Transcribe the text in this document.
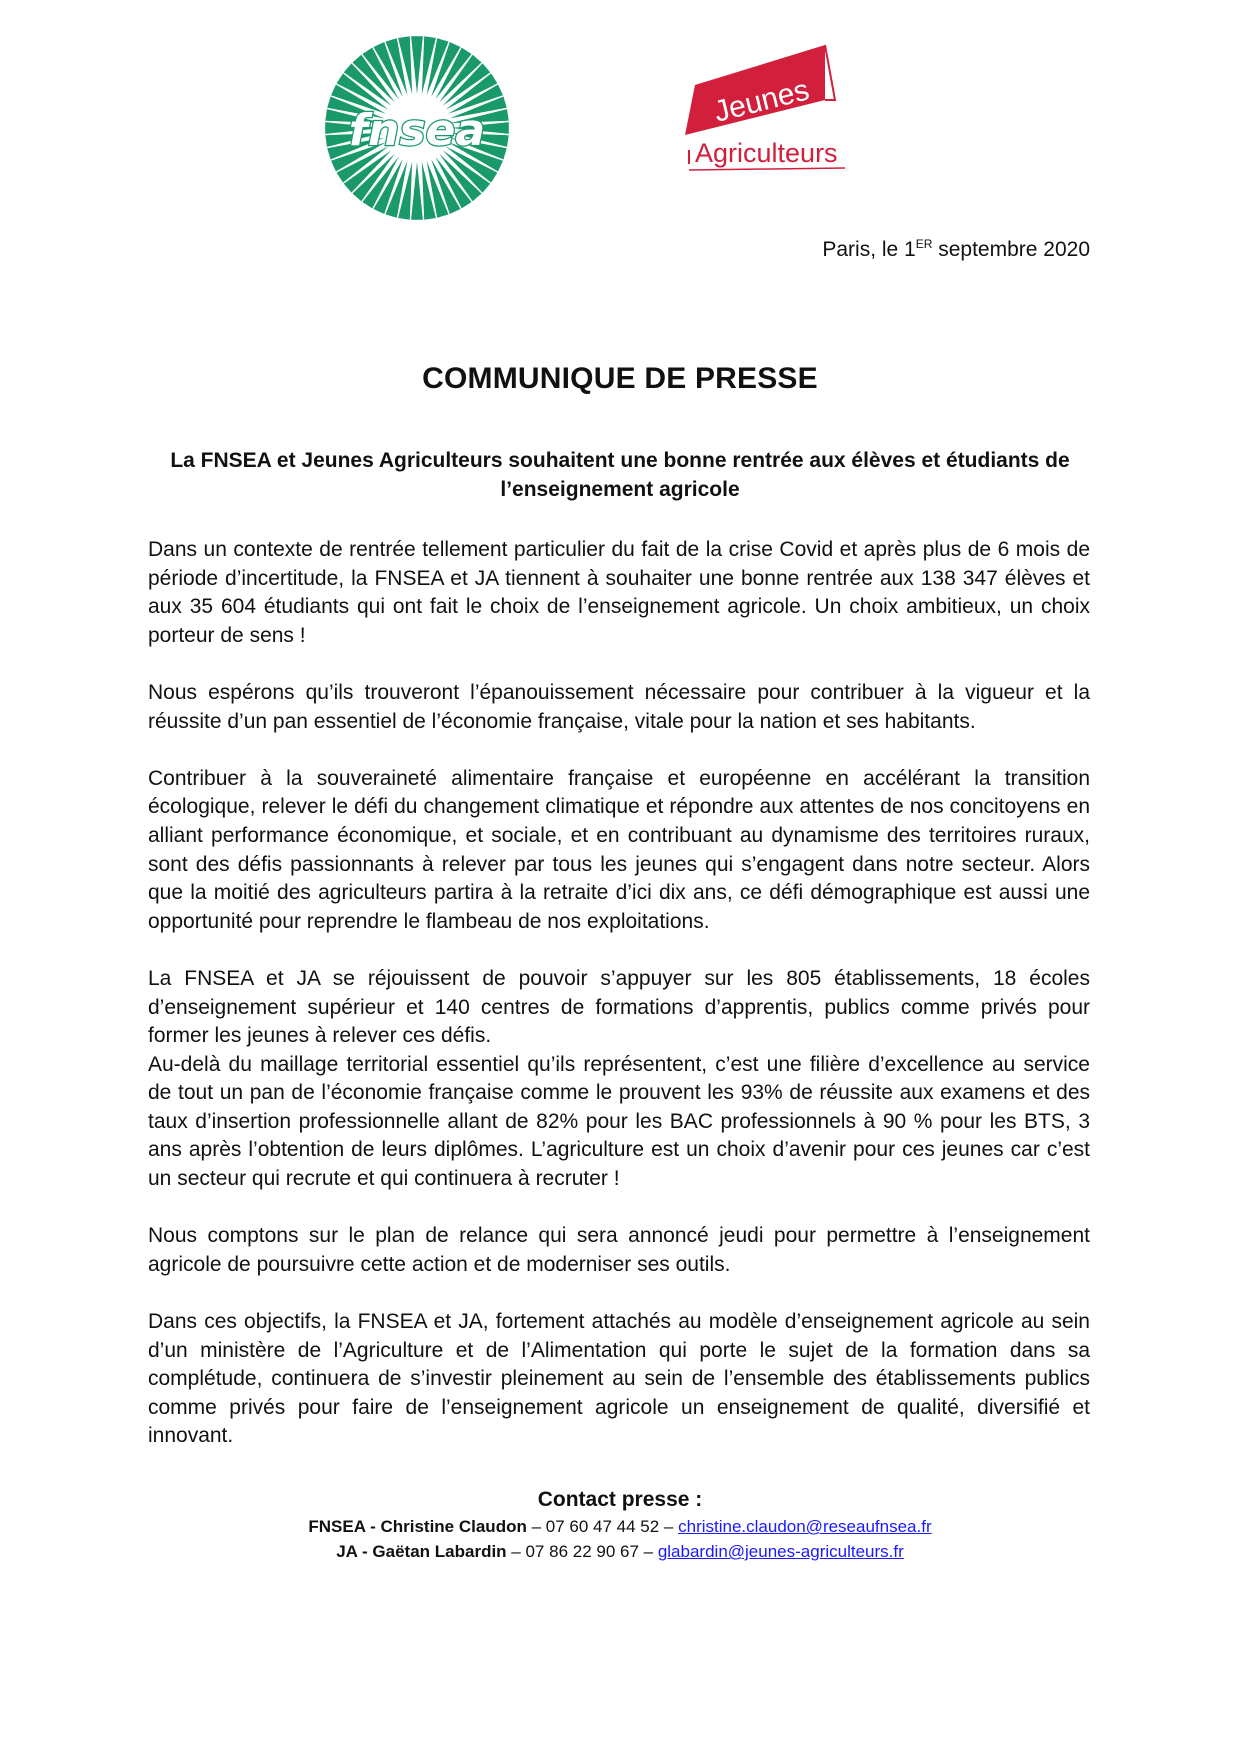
fnsea
Jeunes
Agriculteurs
Paris, le 1ER septembre 2020
COMMUNIQUE DE PRESSE
La FNSEA et Jeunes Agriculteurs souhaitent une bonne rentrée aux élèves et étudiants de l’enseignement agricole

Dans un contexte de rentrée tellement particulier du fait de la crise Covid et après plus de 6 mois de période d’incertitude, la FNSEA et JA tiennent à souhaiter une bonne rentrée aux 138 347 élèves et aux 35 604 étudiants qui ont fait le choix de l’enseignement agricole. Un choix ambitieux, un choix porteur de sens !

Nous espérons qu’ils trouveront l’épanouissement nécessaire pour contribuer à la vigueur et la réussite d’un pan essentiel de l’économie française, vitale pour la nation et ses habitants.

Contribuer à la souveraineté alimentaire française et européenne en accélérant la transition écologique, relever le défi du changement climatique et répondre aux attentes de nos concitoyens en alliant performance économique, et sociale, et en contribuant au dynamisme des territoires ruraux, sont des défis passionnants à relever par tous les jeunes qui s’engagent dans notre secteur. Alors que la moitié des agriculteurs partira à la retraite d’ici dix ans, ce défi démographique est aussi une opportunité pour reprendre le flambeau de nos exploitations.

La FNSEA et JA se réjouissent de pouvoir s’appuyer sur les 805 établissements, 18 écoles d’enseignement supérieur et 140 centres de formations d’apprentis, publics comme privés pour former les jeunes à relever ces défis.

Au-delà du maillage territorial essentiel qu’ils représentent, c’est une filière d’excellence au service de tout un pan de l’économie française comme le prouvent les 93% de réussite aux examens et des taux d’insertion professionnelle allant de 82% pour les BAC professionnels à 90 % pour les BTS, 3 ans après l’obtention de leurs diplômes. L’agriculture est un choix d’avenir pour ces jeunes car c’est un secteur qui recrute et qui continuera à recruter !

Nous comptons sur le plan de relance qui sera annoncé jeudi pour permettre à l’enseignement agricole de poursuivre cette action et de moderniser ses outils.

Dans ces objectifs, la FNSEA et JA, fortement attachés au modèle d’enseignement agricole au sein d’un ministère de l’Agriculture et de l’Alimentation qui porte le sujet de la formation dans sa complétude, continuera de s’investir pleinement au sein de l’ensemble des établissements publics comme privés pour faire de l’enseignement agricole un enseignement de qualité, diversifié et innovant.

Contact presse :
FNSEA - Christine Claudon – 07 60 47 44 52 – christine.claudon@reseaufnsea.fr
JA - Gaëtan Labardin – 07 86 22 90 67 – glabardin@jeunes-agriculteurs.fr
